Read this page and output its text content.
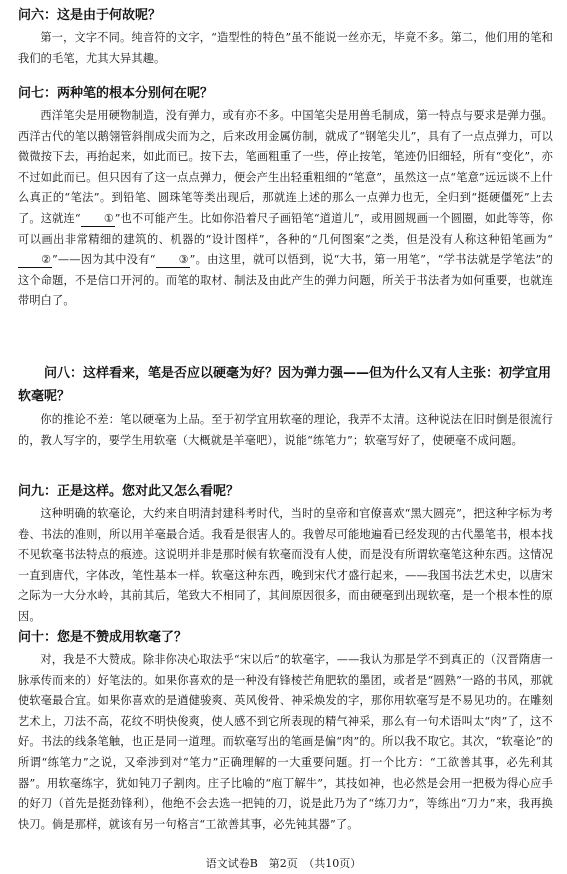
问六：这是由于何故呢？

第一，文字不同。纯音符的文字，“造型性的特色”虽不能说一丝亦无，毕竟不多。第二，他们用的笔和我们的毛笔，尤其大异其趣。

问七：两种笔的根本分别何在呢？

西洋笔尖是用硬物制造，没有弹力，或有亦不多。中国笔尖是用兽毛制成，第一特点与要求是弹力强。西洋古代的笔以鹅翎管斜削成尖而为之，后来改用金属仿制，就成了“钢笔尖儿”，具有了一点点弹力，可以微微按下去，再抬起来，如此而已。按下去，笔画粗重了一些，停止按笔，笔迹仍旧细轻，所有“变化”，亦不过如此而已。但只因有了这一点点弹力，便会产生出轻重粗细的“笔意”，虽然这一点“笔意”远远谈不上什么真正的“笔法”。到铅笔、圆珠笔等类出现后，那就连上述的那么一点弹力也无，全归到“挺硬僵死”上去了。这就连“ ①”也不可能产生。比如你沿着尺子画铅笔“道道儿”，或用圆规画一个圆圈，如此等等，你可以画出非常精细的建筑的、机器的“设计图样”，各种的“几何图案”之类，但是没有人称这种铅笔画为“②”——因为其中没有“ ③”。由这里，就可以悟到，说“大书，第一用笔”，“学书法就是学笔法”的这个命题，不是信口开河的。而笔的取材、制法及由此产生的弹力问题，所关于书法者为如何重要，也就连带明白了。

问八：这样看来，笔是否应以硬毫为好？因为弹力强——但为什么又有人主张：初学宜用软毫呢？

你的推论不差：笔以硬毫为上品。至于初学宜用软毫的理论，我弄不太清。这种说法在旧时倒是很流行的，教人写字的，要学生用软毫（大概就是羊毫吧），说能“练笔力”；软毫写好了，使硬毫不成问题。

问九：正是这样。您对此又怎么看呢？

这种明确的软毫论，大约来自明清封建科考时代，当时的皇帝和官僚喜欢“黑大圆亮”，把这种字标为考卷、书法的准则，所以用羊毫最合适。我看是很害人的。我曾尽可能地遍看已经发现的古代墨笔书，根本找不见软毫书法特点的痕迹。这说明并非是那时候有软毫而没有人使，而是没有所谓软毫笔这种东西。这情况一直到唐代，字体改，笔性基本一样。软毫这种东西，晚到宋代才盛行起来，——我国书法艺术史，以唐宋之际为一大分水岭，其前其后，笔致大不相同了，其间原因很多，而由硬毫到出现软毫，是一个根本性的原因。

问十：您是不赞成用软毫了？

对，我是不大赞成。除非你决心取法乎“宋以后”的软毫字，——我认为那是学不到真正的（汉晋隋唐一脉承传而来的）好笔法的。如果你喜欢的是一种没有锋棱芒角肥软的墨团，或者是“圆熟”一路的书风，那就使软毫最合宜。如果你喜欢的是遒健骏爽、英风俊骨、神采焕发的字，那你用软毫写是不易见功的。在雕刻艺术上，刀法不高，花纹不明快俊爽，使人感不到它所表现的精气神采，那么有一句术语叫太“肉”了，这不好。书法的线条笔触，也正是同一道理。而软毫写出的笔画是偏“肉”的。所以我不取它。其次，“软毫论”的所谓“练笔力”之说，又牵涉到对“笔力”正确理解的一大重要问题。打一个比方：“工欲善其事，必先利其器”。用软毫练字，犹如钝刀子割肉。庄子比喻的“庖丁解牛”，其技如神，也必然是会用一把极为得心应手的好刀（首先是挺劲锋利），他绝不会去选一把钝的刀，说是此乃为了“练刀力”，等练出“刀力”来，我再换快刀。倘是那样，就该有另一句格言“工欲善其事，必先钝其器”了。

语文试卷B　第2页　（共10页）
